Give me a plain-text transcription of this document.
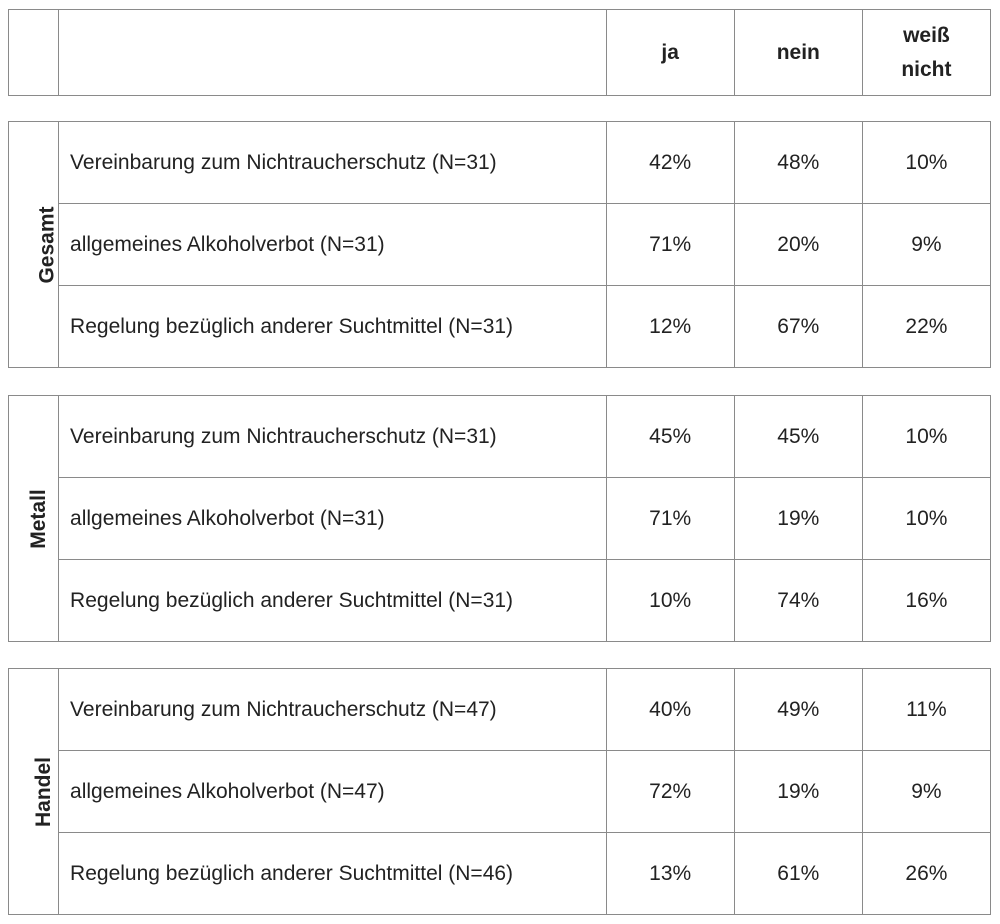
		ja	nein	weiß nicht
Gesamt	Vereinbarung zum Nichtraucherschutz (N=31)	42%	48%	10%
	allgemeines Alkoholverbot (N=31)	71%	20%	9%
	Regelung bezüglich anderer Suchtmittel (N=31)	12%	67%	22%
Metall	Vereinbarung zum Nichtraucherschutz (N=31)	45%	45%	10%
	allgemeines Alkoholverbot (N=31)	71%	19%	10%
	Regelung bezüglich anderer Suchtmittel (N=31)	10%	74%	16%
Handel	Vereinbarung zum Nichtraucherschutz (N=47)	40%	49%	11%
	allgemeines Alkoholverbot (N=47)	72%	19%	9%
	Regelung bezüglich anderer Suchtmittel (N=46)	13%	61%	26%
